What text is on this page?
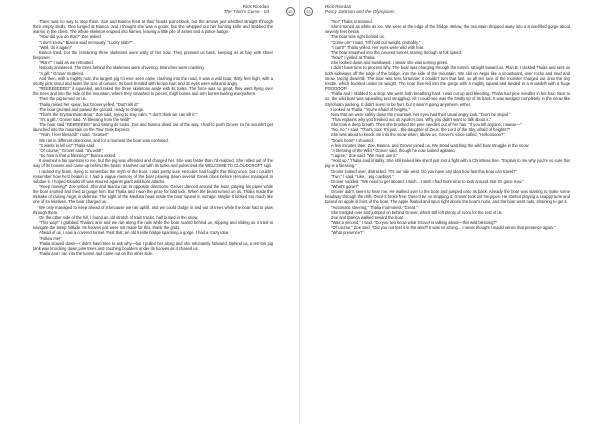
Rick Riordan
The Titan's Curse - 03	62

There was no way to stop them. Zoe and Bianca fired at their heads point-blank, but the arrows just whistled straight through their empty skulls. One lunged at Bianca, and I thought she was a goner, but she whipped out her hunting knife and stabbed the warrior in the chest. The whole skeleton erupted into flames, leaving a little pile of ashes and a police badge.

"How did you do that?" Zoe asked.

"I don't know," Bianca said nervously. "Lucky stab?"

"Well, do it again!"

Bianca tried, but the remaining three skeletons were wary of her now. They pressed us back, keeping us at bay with sheer firepower.

"Plan?" I said as we retreated.

Nobody answered. The trees behind the skeletons were shivering. Branches were cracking.

"A gift," Grover muttered.

And then, with a mighty roar, the largest pig I'd ever seen came crashing into the road. It was a wild boar, thirty feet high, with a snotty pink snout and tusks the size of canoes. Its back bristled with brown hair, and its eyes were wild and angry.

"REEEEEEEEE!" it squealed, and raked the three skeletons aside with its tusks. The force was so great, they went flying over the trees and into the side of the mountain, where they smashed to pieces, thigh bones and arm bones twirling everywhere.

Then the pig turned on us.

Thalia raised her spear, but Grover yelled, "Don't kill it!"

The boar grunted and pawed the ground, ready to charge.

"That's the Erymanthian Boar," Zoe said, trying to stay calm. "I don't think we can kill it."

"It's a gift," Grover said. "A blessing from the Wild!"

The boar said "REEEEEEE!" and swung its tusks. Zoe and Bianca dived out of the way. I had to push Grover so he wouldn't get launched into the mountain on the Tour Tusk Express.

"Yeah, I feel blessed!" I said. "Scatter!"

We ran in different directions, and for a moment the boar was confused.

"It wants to kill us!" Thalia said.

"Of course," Grover said. "It's wild!"

"So how is that a blessing?" Bianca asked.

It seemed a fair question to me, but the pig was offended and charged her. She was faster than I'd realized. She rolled out of the way of its hooves and came up behind the beast. It lashed out with its tusks and pulverized the WELCOME TO CLOUDCROFT sign.

I racked my brain, trying to remember the myth of the boar. I was pretty sure Hercules had fought this thing once, but I couldn't remember how he'd beaten it. I had a vague memory of the boar plowing down several Greek cities before Hercules managed to subdue it. I hoped Cloudcroft was insured against giant wild boar attacks.

"Keep moving!" Zoe yelled. She and Bianca ran in opposite directions. Grover danced around the boar, playing his pipes while the boar snorted and tried to gouge him. But Thalia and I won the prize for bad luck. When the beast turned on us, Thalia made the mistake of raising Aegis in defense. The sight of the Medusa head made the boar squeal in outrage. Maybe it looked too much like one of its relatives. The boar charged us.

We only managed to keep ahead of it because we ran uphill, and we could dodge in and out of trees while the boar had to plow through them.

On the other side of the hill, I found an old stretch of train tracks, half buried in the snow.

"This way!" I grabbed Thalia's arm and we ran along the rails while the boar roared behind us, slipping and sliding as it tried to navigate the steep hillside. Its hooves just were not made for this, thank the gods.

Ahead of us, I saw a covered tunnel. Past that, an old trestle bridge spanning a gorge. I had a crazy idea.

"Follow me!"

Thalia slowed down—I didn't have time to ask why—but I pulled her along and she reluctantly followed. Behind us, a ten-ton pig tank was knocking down pine trees and crushing boulders under its hooves as it chased us.

Thalia and I ran into the tunnel and came out on the other side.

Rick Riordan
Percy Jackson and the Olympians
63

"No!" Thalia screamed.

She'd turned as white as ice. We were at the edge of the bridge. Below, the mountain dropped away into a snow-filled gorge about seventy feet below.

The boar was right behind us.

"Come on!" I said. "It'll hold our weight, probably."

"I can't!" Thalia yelled. Her eyes were wild with fear.

The boar smashed into the covered tunnel, tearing through at full speed.

"Now!" I yelled at Thalia.

She looked down and swallowed. I swear she was turning green.

I didn't have time to process why. The boar was charging through the tunnel, straight toward us. Plan B. I tackled Thalia and sent us both sideways off the edge of the bridge, into the side of the mountain. We slid on Aegis like a snowboard, over rocks and mud and snow, racing downhill. The boar was less fortunate; it couldn't turn that fast, so all ten tons of the monster charged out onto the tiny trestle, which buckled under its weight. The boar free-fell into the gorge with a mighty squeal and landed in a snowdrift with a huge POOOOOF!

Thalia and I skidded to a stop. We were both breathing hard. I was cut up and bleeding. Thalia had pine needles in her hair. Next to us, the wild boar was squealing and struggling. All I could see was the bristly tip of its back. It was wedged completely in the snow like Styrofoam packing. It didn't seem to be hurt, but it wasn't going anywhere, either.

I looked at Thalia. "You're afraid of heights."

Now that we were safely down the mountain, her eyes had their usual angry look. "Don't be stupid."

"That explains why you freaked out on Apollo's bus. Why you didn't want to talk about it."

She took a deep breath. Then she brushed the pine needles out of her hair. "If you tell anyone, I swear—"

"No, no," I said. "That's cool. It's just... the daughter of Zeus, the Lord of the Sky, afraid of heights?"

She was about to knock me into the snow when, above us, Grover's voice called, "Helloooooo?"

"Down here!" I shouted.

A few minutes later, Zoe, Bianca, and Grover joined us. We stood watching the wild boar struggle in the snow.

"A blessing of the Wild," Grover said, though he now looked agitated.

"I agree," Zoe said. "We must use it."

"Hold up," Thalia said irritably. She still looked like she'd just lost a fight with a Christmas tree. "Explain to me why you're so sure this pig is a blessing."

Grover looked over, distracted. "It's our ride west. Do you have any idea how fast this boar can travel?"

"Fun," I said. "Like... pig cowboys."

Grover nodded. "We need to get aboard. I wish... I wish I had more time to look around. But it's gone now."

"What's gone?"

Grover didn't seem to hear me. He walked over to the boar and jumped onto its back. Already the boar was starting to make some headway through the drift. Once it broke free, there'd be no stopping it. Grover took out his pipes. He started playing a snappy tune and tossed an apple in front of the boar. The apple floated and spun right above the boar's nose, and the boar went nuts, straining to get it.

"Automatic steering," Thalia murmured. "Great."

She trudged over and jumped on behind Grover, which still left plenty of room for the rest of us.

Zoe and Bianca walked toward the boar.

"Wait a second," I said. "Do you two know what Grover is talking about—this wild blessing?"

"Of course," Zoe said. "Did you not feel it in the wind? It was so strong... I never thought I would sense that presence again."

"What presence?"
